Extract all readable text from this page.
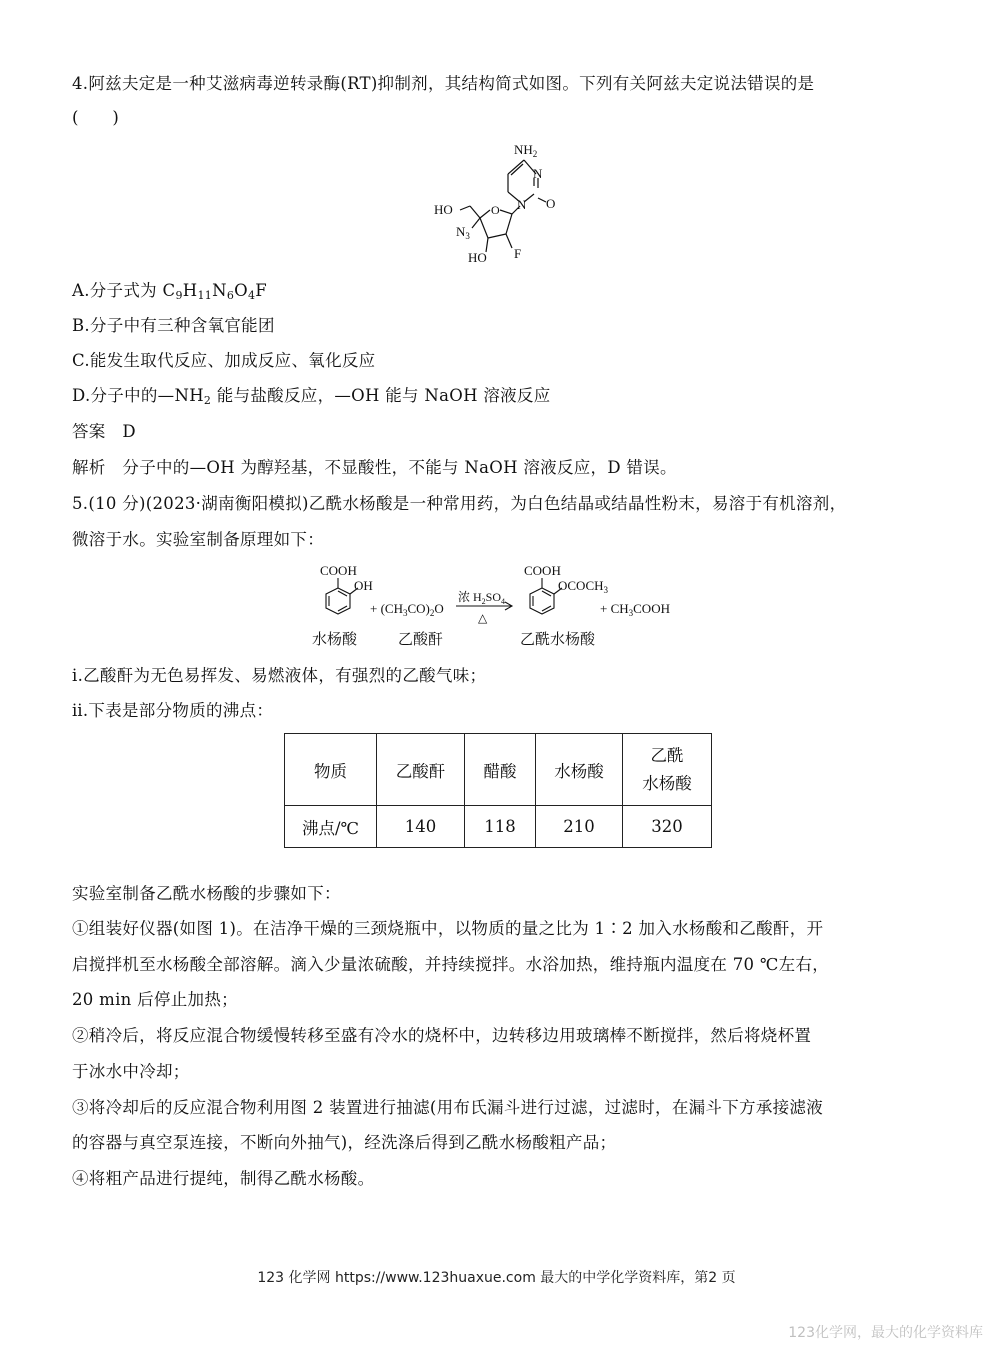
4.阿兹夫定是一种艾滋病毒逆转录酶(RT)抑制剂，其结构简式如图。下列有关阿兹夫定说法错误的是
(　　)
$NH_2$
N
N O
O
HO
$N_3$
HO F
A.分子式为 $C_9H_{11}N_6O_4F$
B.分子中有三种含氧官能团
C.能发生取代反应、加成反应、氧化反应
D.分子中的$—NH_2$ 能与盐酸反应，—OH 能与 NaOH 溶液反应
答案　D
解析　分子中的—OH 为醇羟基，不显酸性，不能与 NaOH 溶液反应，D 错误。
5.(10 分)(2023·湖南衡阳模拟)乙酰水杨酸是一种常用药，为白色结晶或结晶性粉末，易溶于有机溶剂，
微溶于水。实验室制备原理如下：
COOH
OH
+ $(CH_3CO)_2O$
浓 $H_2SO_4$
△
COOH
$OCOCH_3$
+ $CH_3COOH$
水杨酸	乙酸酐	乙酰水杨酸
ⅰ.乙酸酐为无色易挥发、易燃液体，有强烈的乙酸气味；
ⅱ.下表是部分物质的沸点：
物质	乙酸酐	醋酸	水杨酸	乙酰
水杨酸
沸点/℃	140	118	210	320
实验室制备乙酰水杨酸的步骤如下：
①组装好仪器(如图 1)。在洁净干燥的三颈烧瓶中，以物质的量之比为 1∶2 加入水杨酸和乙酸酐，开
启搅拌机至水杨酸全部溶解。滴入少量浓硫酸，并持续搅拌。水浴加热，维持瓶内温度在 70 ℃左右，
20 min 后停止加热；
②稍冷后，将反应混合物缓慢转移至盛有冷水的烧杯中，边转移边用玻璃棒不断搅拌，然后将烧杯置
于冰水中冷却；
③将冷却后的反应混合物利用图 2 装置进行抽滤(用布氏漏斗进行过滤，过滤时，在漏斗下方承接滤液
的容器与真空泵连接，不断向外抽气)，经洗涤后得到乙酰水杨酸粗产品；
④将粗产品进行提纯，制得乙酰水杨酸。
123 化学网 https://www.123huaxue.com 最大的中学化学资料库，第2 页
123化学网，最大的化学资料库
